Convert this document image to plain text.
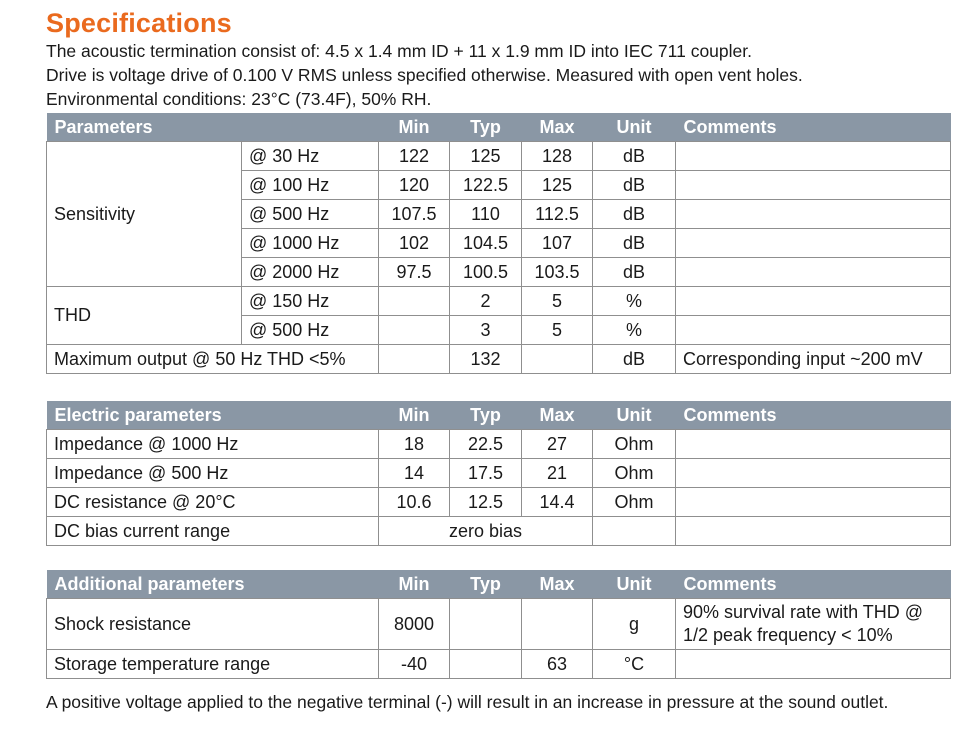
Specifications
The acoustic termination consist of: 4.5 x 1.4 mm ID + 11 x 1.9 mm ID into IEC 711 coupler.
Drive is voltage drive of 0.100 V RMS unless specified otherwise. Measured with open vent holes.
Environmental conditions: 23°C (73.4F), 50% RH.
Parameters		Min	Typ	Max	Unit	Comments
Sensitivity	@ 30 Hz	122	125	128	dB	
	@ 100 Hz	120	122.5	125	dB	
	@ 500 Hz	107.5	110	112.5	dB	
	@ 1000 Hz	102	104.5	107	dB	
	@ 2000 Hz	97.5	100.5	103.5	dB	
THD	@ 150 Hz		2	5	%	
	@ 500 Hz		3	5	%	
Maximum output @ 50 Hz THD <5%			132		dB	Corresponding input ~200 mV
Electric parameters	Min	Typ	Max	Unit	Comments
Impedance @ 1000 Hz	18	22.5	27	Ohm	
Impedance @ 500 Hz	14	17.5	21	Ohm	
DC resistance @ 20°C	10.6	12.5	14.4	Ohm	
DC bias current range	zero bias				
Additional parameters	Min	Typ	Max	Unit	Comments
Shock resistance	8000			g	90% survival rate with THD @ 1/2 peak frequency < 10%
Storage temperature range	-40		63	°C	
A positive voltage applied to the negative terminal (-) will result in an increase in pressure at the sound outlet.
